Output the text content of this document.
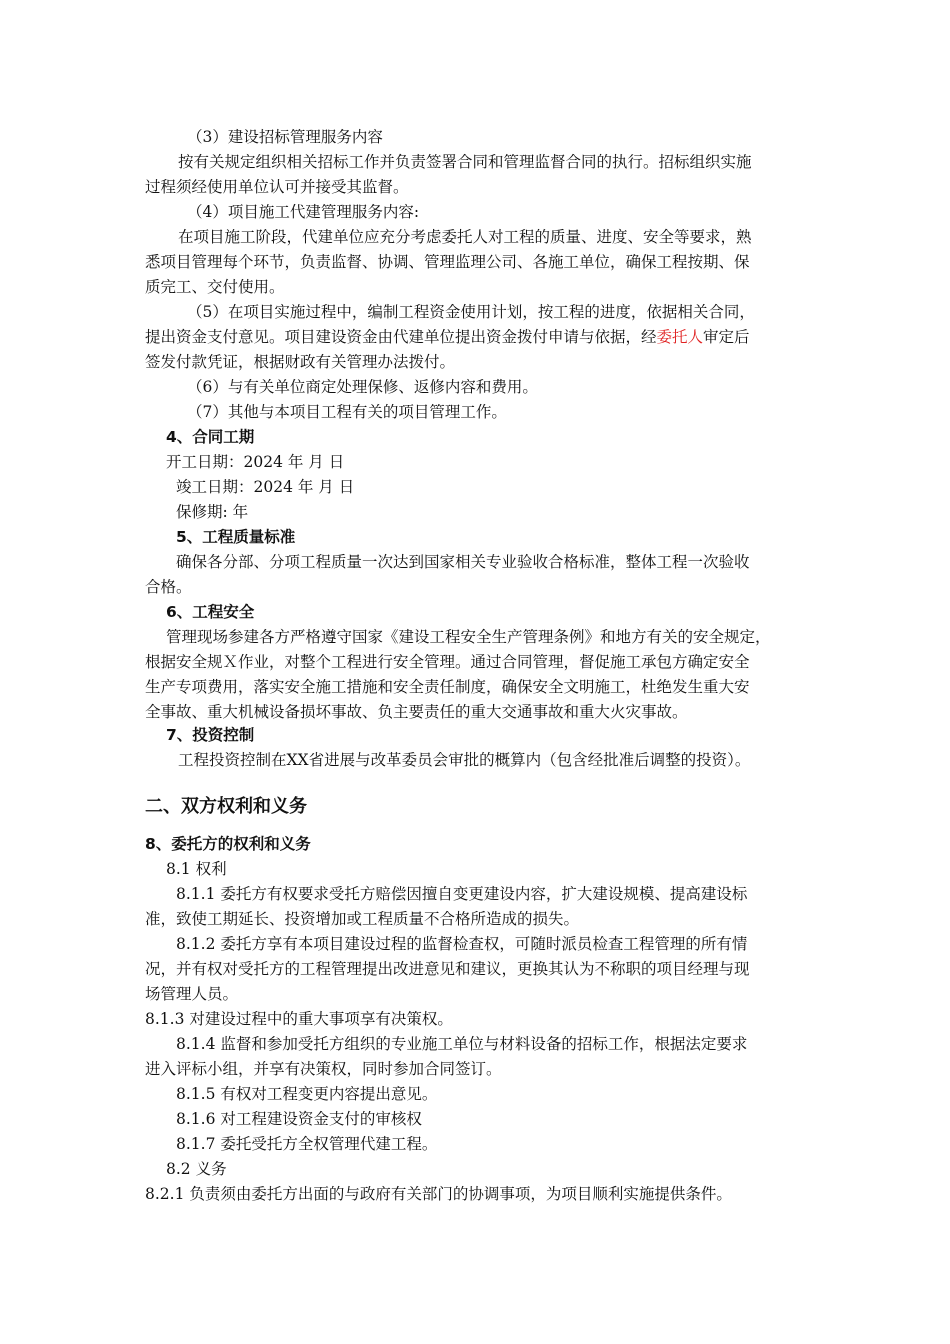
（3）建设招标管理服务内容
按有关规定组织相关招标工作并负责签署合同和管理监督合同的执行。招标组织实施
过程须经使用单位认可并接受其监督。
（4）项目施工代建管理服务内容:
在项目施工阶段，代建单位应充分考虑委托人对工程的质量、进度、安全等要求，熟
悉项目管理每个环节，负责监督、协调、管理监理公司、各施工单位，确保工程按期、保
质完工、交付使用。
（5）在项目实施过程中，编制工程资金使用计划，按工程的进度，依据相关合同，
提出资金支付意见。项目建设资金由代建单位提出资金拨付申请与依据，经委托人审定后
签发付款凭证，根据财政有关管理办法拨付。
（6）与有关单位商定处理保修、返修内容和费用。
（7）其他与本项目工程有关的项目管理工作。
4、合同工期
开工日期：2024 年 月 日
竣工日期：2024 年 月 日
保修期: 年
5、工程质量标准
确保各分部、分项工程质量一次达到国家相关专业验收合格标准，整体工程一次验收
合格。
6、工程安全
管理现场参建各方严格遵守国家《建设工程安全生产管理条例》和地方有关的安全规定，
根据安全规Ｘ作业，对整个工程进行安全管理。通过合同管理，督促施工承包方确定安全
生产专项费用，落实安全施工措施和安全责任制度，确保安全文明施工，杜绝发生重大安
全事故、重大机械设备损坏事故、负主要责任的重大交通事故和重大火灾事故。
7、投资控制
工程投资控制在XX省进展与改革委员会审批的概算内（包含经批准后调整的投资）。
二、双方权利和义务
8、委托方的权利和义务
8.1 权利
8.1.1 委托方有权要求受托方赔偿因擅自变更建设内容，扩大建设规模、提高建设标
准，致使工期延长、投资增加或工程质量不合格所造成的损失。
8.1.2 委托方享有本项目建设过程的监督检查权，可随时派员检查工程管理的所有情
况，并有权对受托方的工程管理提出改进意见和建议，更换其认为不称职的项目经理与现
场管理人员。
8.1.3 对建设过程中的重大事项享有决策权。
8.1.4 监督和参加受托方组织的专业施工单位与材料设备的招标工作，根据法定要求
进入评标小组，并享有决策权，同时参加合同签订。
8.1.5 有权对工程变更内容提出意见。
8.1.6 对工程建设资金支付的审核权
8.1.7 委托受托方全权管理代建工程。
8.2 义务
8.2.1 负责须由委托方出面的与政府有关部门的协调事项，为项目顺利实施提供条件。
